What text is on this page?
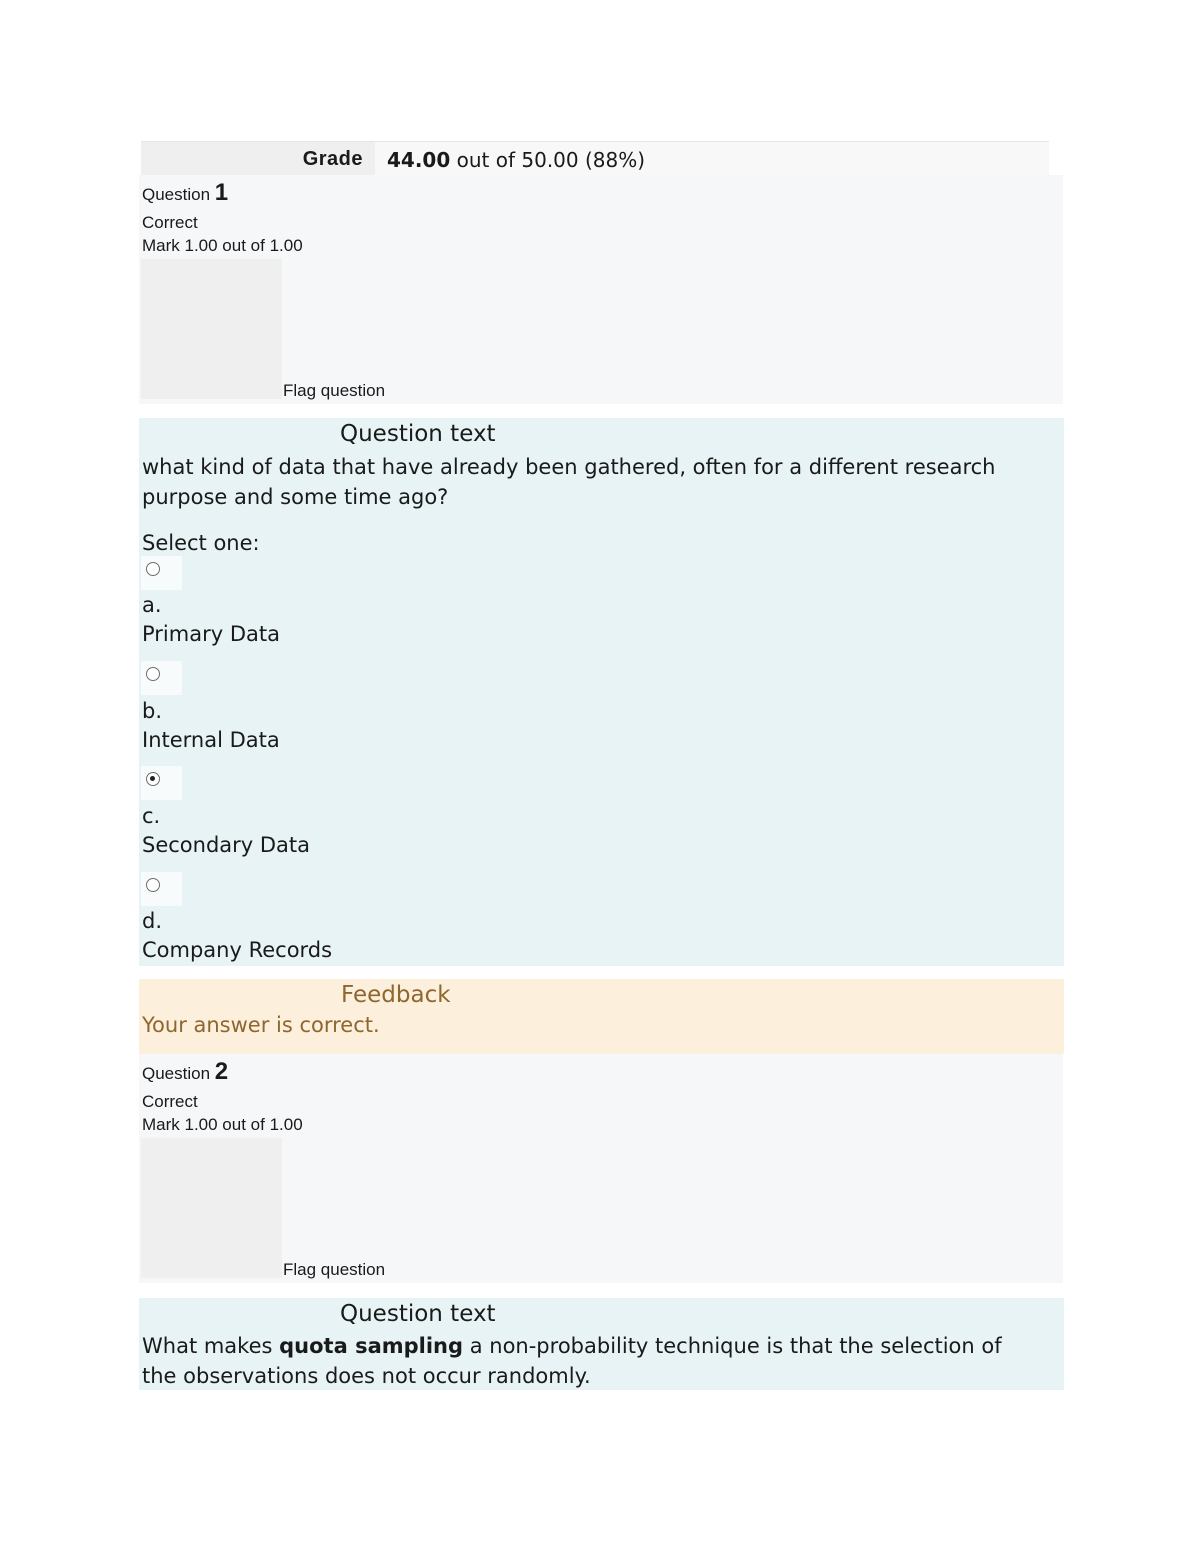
Grade 44.00 out of 50.00 (88%)
Question 1
Correct
Mark 1.00 out of 1.00
Flag question
Question text
what kind of data that have already been gathered, often for a different research purpose and some time ago?
Select one:
a.
Primary Data
b.
Internal Data
c.
Secondary Data
d.
Company Records
Feedback
Your answer is correct.
Question 2
Correct
Mark 1.00 out of 1.00
Flag question
Question text
What makes quota sampling a non-probability technique is that the selection of the observations does not occur randomly.
